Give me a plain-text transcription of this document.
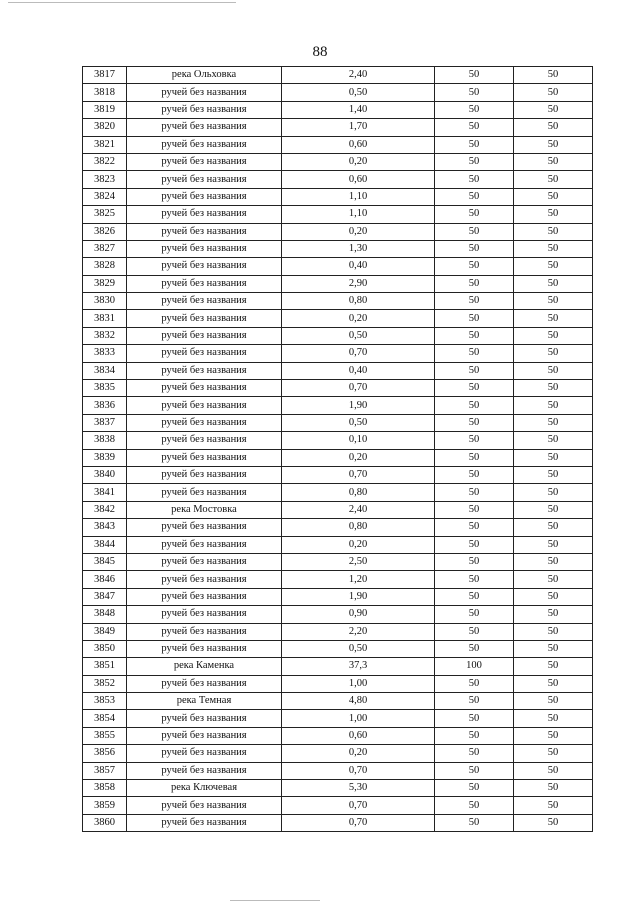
88
3817	река Ольховка	2,40	50	50
3818	ручей без названия	0,50	50	50
3819	ручей без названия	1,40	50	50
3820	ручей без названия	1,70	50	50
3821	ручей без названия	0,60	50	50
3822	ручей без названия	0,20	50	50
3823	ручей без названия	0,60	50	50
3824	ручей без названия	1,10	50	50
3825	ручей без названия	1,10	50	50
3826	ручей без названия	0,20	50	50
3827	ручей без названия	1,30	50	50
3828	ручей без названия	0,40	50	50
3829	ручей без названия	2,90	50	50
3830	ручей без названия	0,80	50	50
3831	ручей без названия	0,20	50	50
3832	ручей без названия	0,50	50	50
3833	ручей без названия	0,70	50	50
3834	ручей без названия	0,40	50	50
3835	ручей без названия	0,70	50	50
3836	ручей без названия	1,90	50	50
3837	ручей без названия	0,50	50	50
3838	ручей без названия	0,10	50	50
3839	ручей без названия	0,20	50	50
3840	ручей без названия	0,70	50	50
3841	ручей без названия	0,80	50	50
3842	река Мостовка	2,40	50	50
3843	ручей без названия	0,80	50	50
3844	ручей без названия	0,20	50	50
3845	ручей без названия	2,50	50	50
3846	ручей без названия	1,20	50	50
3847	ручей без названия	1,90	50	50
3848	ручей без названия	0,90	50	50
3849	ручей без названия	2,20	50	50
3850	ручей без названия	0,50	50	50
3851	река Каменка	37,3	100	50
3852	ручей без названия	1,00	50	50
3853	река Темная	4,80	50	50
3854	ручей без названия	1,00	50	50
3855	ручей без названия	0,60	50	50
3856	ручей без названия	0,20	50	50
3857	ручей без названия	0,70	50	50
3858	река Ключевая	5,30	50	50
3859	ручей без названия	0,70	50	50
3860	ручей без названия	0,70	50	50
